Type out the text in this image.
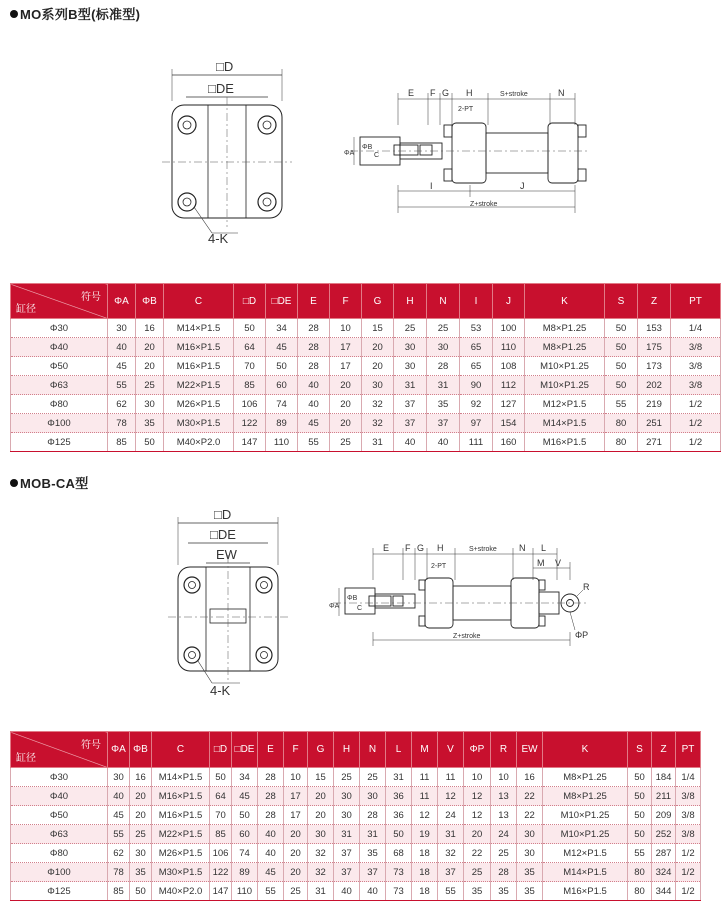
MO系列B型(标准型)
□D
□DE
4-K
E F G H	S+stroke	N
2-PT
ΦA
ΦB
C
I	J
Z+stroke
符号
缸径	ΦA	ΦB	C	□D	□DE	E	F	G	H	N	I	J	K	S	Z	PT
Φ30	30	16	M14×P1.5	50	34	28	10	15	25	25	53	100	M8×P1.25	50	153	1/4
Φ40	40	20	M16×P1.5	64	45	28	17	20	30	30	65	110	M8×P1.25	50	175	3/8
Φ50	45	20	M16×P1.5	70	50	28	17	20	30	28	65	108	M10×P1.25	50	173	3/8
Φ63	55	25	M22×P1.5	85	60	40	20	30	31	31	90	112	M10×P1.25	50	202	3/8
Φ80	62	30	M26×P1.5	106	74	40	20	32	37	35	92	127	M12×P1.5	55	219	1/2
Φ100	78	35	M30×P1.5	122	89	45	20	32	37	37	97	154	M14×P1.5	80	251	1/2
Φ125	85	50	M40×P2.0	147	110	55	25	31	40	40	111	160	M16×P1.5	80	271	1/2
MOB-CA型
□D
□DE
EW
4-K
E F G H	S+stroke N L
M V
2-PT
ΦA
ΦB
C
R
ΦP
Z+stroke
符号
缸径	ΦA	ΦB	C	□D	□DE	E	F	G	H	N	L	M	V	ΦP	R	EW	K	S	Z	PT
Φ30	30	16	M14×P1.5	50	34	28	10	15	25	25	31	11	11	10	10	16	M8×P1.25	50	184	1/4
Φ40	40	20	M16×P1.5	64	45	28	17	20	30	30	36	11	12	12	13	22	M8×P1.25	50	211	3/8
Φ50	45	20	M16×P1.5	70	50	28	17	20	30	28	36	12	24	12	13	22	M10×P1.25	50	209	3/8
Φ63	55	25	M22×P1.5	85	60	40	20	30	31	31	50	19	31	20	24	30	M10×P1.25	50	252	3/8
Φ80	62	30	M26×P1.5	106	74	40	20	32	37	35	68	18	32	22	25	30	M12×P1.5	55	287	1/2
Φ100	78	35	M30×P1.5	122	89	45	20	32	37	37	73	18	37	25	28	35	M14×P1.5	80	324	1/2
Φ125	85	50	M40×P2.0	147	110	55	25	31	40	40	73	18	55	35	35	35	M16×P1.5	80	344	1/2
